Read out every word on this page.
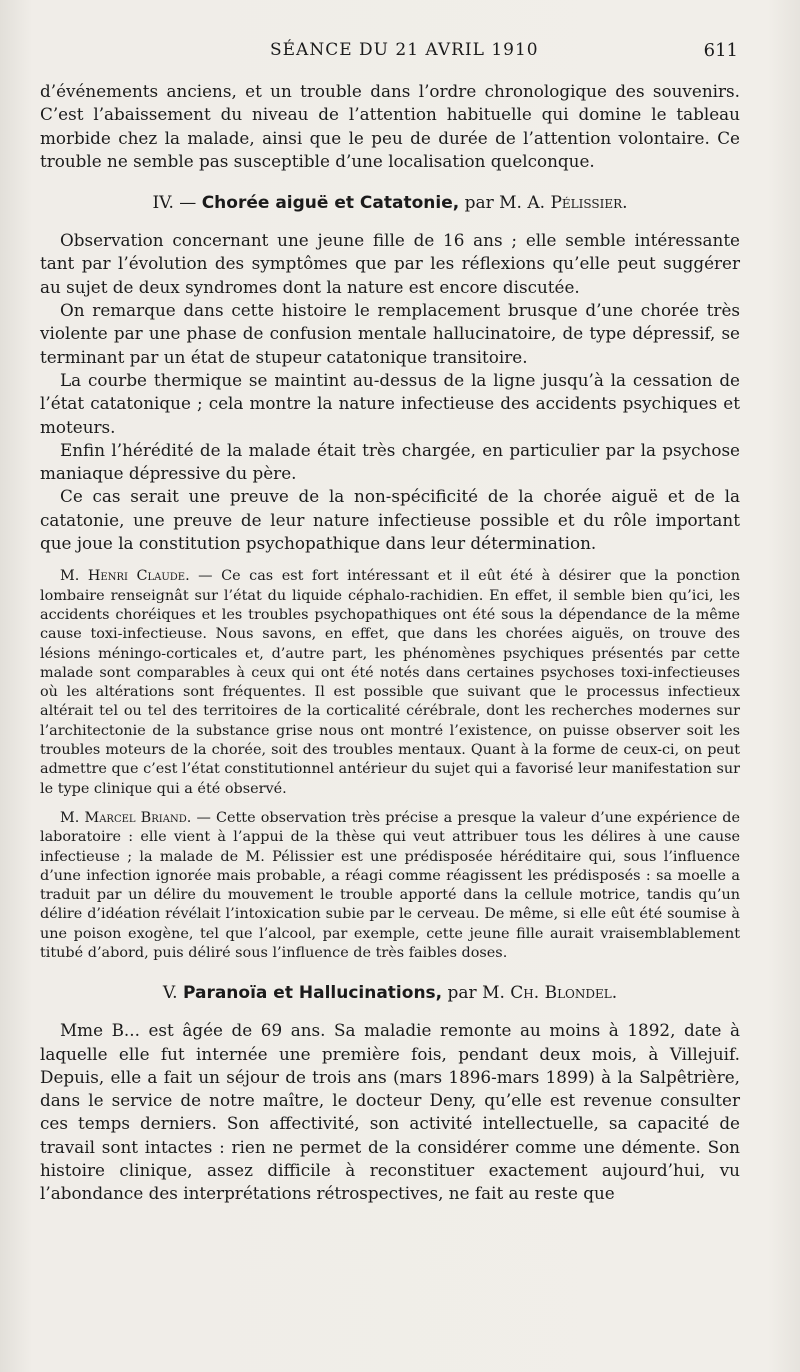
SÉANCE DU 21 AVRIL 1910	611

d’événements anciens, et un trouble dans l’ordre chronologique des souvenirs. C’est l’abaissement du niveau de l’attention habituelle qui domine le tableau morbide chez la malade, ainsi que le peu de durée de l’attention volontaire. Ce trouble ne semble pas susceptible d’une localisation quelconque.

IV. — Chorée aiguë et Catatonie, par M. A. Pélissier.

Observation concernant une jeune fille de 16 ans ; elle semble intéressante tant par l’évolution des symptômes que par les réflexions qu’elle peut suggérer au sujet de deux syndromes dont la nature est encore discutée.

On remarque dans cette histoire le remplacement brusque d’une chorée très violente par une phase de confusion mentale hallucinatoire, de type dépressif, se terminant par un état de stupeur catatonique transitoire.

La courbe thermique se maintint au-dessus de la ligne jusqu’à la cessation de l’état catatonique ; cela montre la nature infectieuse des accidents psychiques et moteurs.

Enfin l’hérédité de la malade était très chargée, en particulier par la psychose maniaque dépressive du père.

Ce cas serait une preuve de la non-spécificité de la chorée aiguë et de la catatonie, une preuve de leur nature infectieuse possible et du rôle important que joue la constitution psychopathique dans leur détermination.

M. Henri Claude. — Ce cas est fort intéressant et il eût été à désirer que la ponction lombaire renseignât sur l’état du liquide céphalo-rachidien. En effet, il semble bien qu’ici, les accidents choréiques et les troubles psychopathiques ont été sous la dépendance de la même cause toxi-infectieuse. Nous savons, en effet, que dans les chorées aiguës, on trouve des lésions méningo-corticales et, d’autre part, les phénomènes psychiques présentés par cette malade sont comparables à ceux qui ont été notés dans certaines psychoses toxi-infectieuses où les altérations sont fréquentes. Il est possible que suivant que le processus infectieux altérait tel ou tel des territoires de la corticalité cérébrale, dont les recherches modernes sur l’architectonie de la substance grise nous ont montré l’existence, on puisse observer soit les troubles moteurs de la chorée, soit des troubles mentaux. Quant à la forme de ceux-ci, on peut admettre que c’est l’état constitutionnel antérieur du sujet qui a favorisé leur manifestation sur le type clinique qui a été observé.

M. Marcel Briand. — Cette observation très précise a presque la valeur d’une expérience de laboratoire : elle vient à l’appui de la thèse qui veut attribuer tous les délires à une cause infectieuse ; la malade de M. Pélissier est une prédisposée héréditaire qui, sous l’influence d’une infection ignorée mais probable, a réagi comme réagissent les prédisposés : sa moelle a traduit par un délire du mouvement le trouble apporté dans la cellule motrice, tandis qu’un délire d’idéation révélait l’intoxication subie par le cerveau. De même, si elle eût été soumise à une poison exogène, tel que l’alcool, par exemple, cette jeune fille aurait vraisemblablement titubé d’abord, puis déliré sous l’influence de très faibles doses.

V. Paranoïa et Hallucinations, par M. Ch. Blondel.

Mme B... est âgée de 69 ans. Sa maladie remonte au moins à 1892, date à laquelle elle fut internée une première fois, pendant deux mois, à Villejuif. Depuis, elle a fait un séjour de trois ans (mars 1896-mars 1899) à la Salpêtrière, dans le service de notre maître, le docteur Deny, qu’elle est revenue consulter ces temps derniers. Son affectivité, son activité intellectuelle, sa capacité de travail sont intactes : rien ne permet de la considérer comme une démente. Son histoire clinique, assez difficile à reconstituer exactement aujourd’hui, vu l’abondance des interprétations rétrospectives, ne fait au reste que
